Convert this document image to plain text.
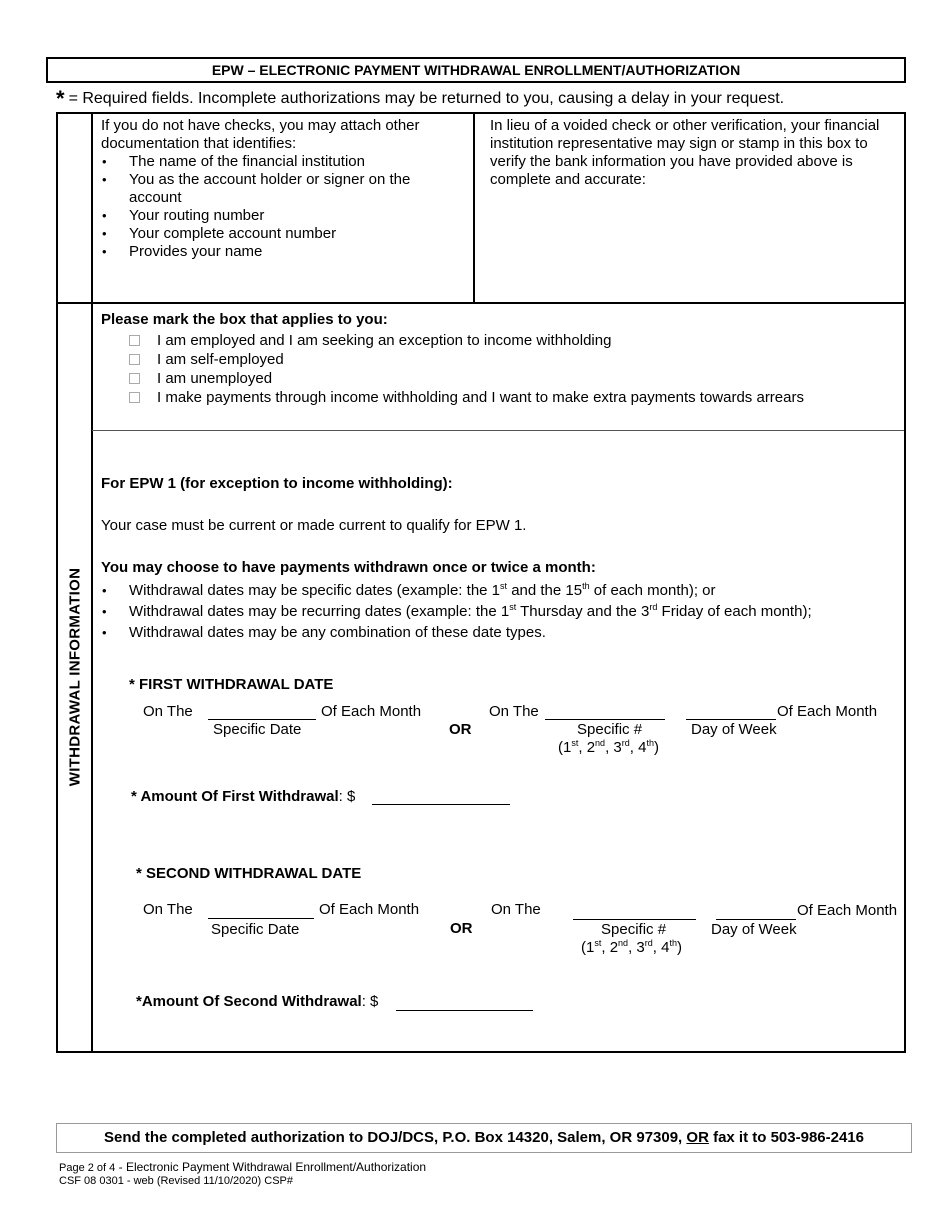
EPW – ELECTRONIC PAYMENT WITHDRAWAL ENROLLMENT/AUTHORIZATION
* = Required fields. Incomplete authorizations may be returned to you, causing a delay in your request.
If you do not have checks, you may attach other documentation that identifies:
• The name of the financial institution
• You as the account holder or signer on the account
• Your routing number
• Your complete account number
• Provides your name
In lieu of a voided check or other verification, your financial institution representative may sign or stamp in this box to verify the bank information you have provided above is complete and accurate:
WITHDRAWAL INFORMATION
Please mark the box that applies to you:
I am employed and I am seeking an exception to income withholding
I am self-employed
I am unemployed
I make payments through income withholding and I want to make extra payments towards arrears
For EPW 1 (for exception to income withholding):
Your case must be current or made current to qualify for EPW 1.
You may choose to have payments withdrawn once or twice a month:
• Withdrawal dates may be specific dates (example: the 1st and the 15th of each month); or
• Withdrawal dates may be recurring dates (example: the 1st Thursday and the 3rd Friday of each month);
• Withdrawal dates may be any combination of these date types.
* FIRST WITHDRAWAL DATE
On The
Specific Date
Of Each Month
OR
On The
Specific #
(1st, 2nd, 3rd, 4th)
Day of Week
Of Each Month
* Amount Of First Withdrawal: $
* SECOND WITHDRAWAL DATE
On The
Specific Date
Of Each Month
OR
On The
Specific #
(1st, 2nd, 3rd, 4th)
Day of Week
Of Each Month
*Amount Of Second Withdrawal: $
Send the completed authorization to DOJ/DCS, P.O. Box 14320, Salem, OR 97309, OR fax it to 503-986-2416
Page 2 of 4 - Electronic Payment Withdrawal Enrollment/Authorization
CSF 08 0301 - web (Revised 11/10/2020) CSP#
